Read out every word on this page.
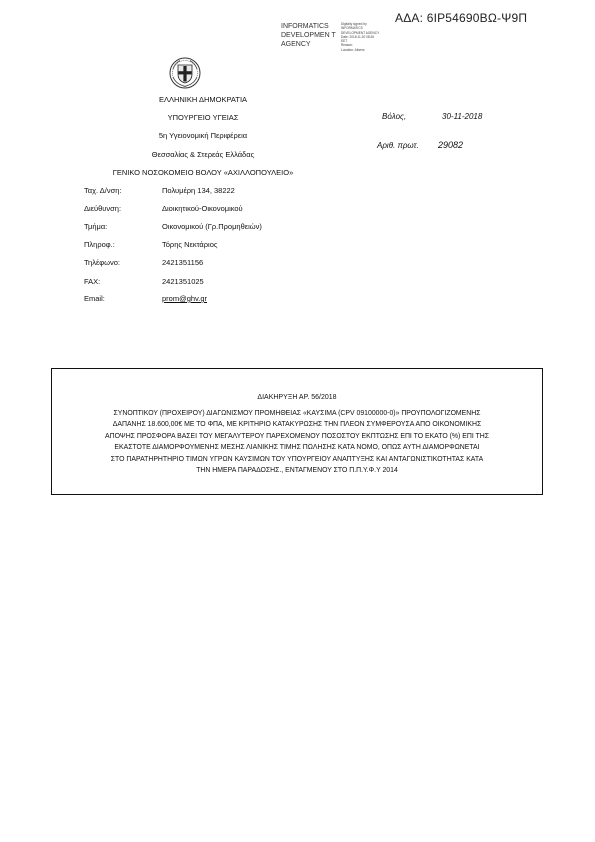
ΑΔΑ: 6ΙΡ54690ΒΩ-Ψ9Π
INFORMATICS DEVELOPMEN T AGENCY
Digitally signed by
INFORMATICS
DEVELOPMENT AGENCY
Date: 2018.11.30 08:26
EET
Reason:
Location: Athens
ΕΛΛΗΝΙΚΗ ΔΗΜΟΚΡΑΤΙΑ
ΥΠΟΥΡΓΕΙΟ ΥΓΕΙΑΣ
5η Υγειονομική Περιφέρεια
Θεσσαλίας & Στερεάς Ελλάδας
ΓΕΝΙΚΟ ΝΟΣΟΚΟΜΕΙΟ ΒΟΛΟΥ «ΑΧΙΛΛΟΠΟΥΛΕΙΟ»
Βόλος,	30-11-2018
Αριθ. πρωτ. 29082
Ταχ. Δ/νση:	Πολυμέρη 134, 38222
Διεύθυνση:	Διοικητικού-Οικονομικού
Τμήμα:	Οικονομικού (Γρ.Προμηθειών)
Πληροφ.:	Τόρης Νεκτάριος
Τηλέφωνο:	2421351156
FAX:	2421351025
Email:	prom@ghv.gr
ΔΙΑΚΗΡΥΞΗ ΑΡ. 56/2018
ΣΥΝΟΠΤΙΚΟΥ (ΠΡΟΧΕΙΡΟΥ) ΔΙΑΓΩΝΙΣΜΟΥ ΠΡΟΜΗΘΕΙΑΣ «ΚΑΥΣΙΜΑ (CPV 09100000-0)» ΠΡΟΥΠΟΛΟΓΙΖΟΜΕΝΗΣ
ΔΑΠΑΝΗΣ 18.600,00€ ΜΕ ΤΟ ΦΠΑ, ΜΕ ΚΡΙΤΗΡΙΟ ΚΑΤΑΚΥΡΩΣΗΣ ΤΗΝ ΠΛΕΟΝ ΣΥΜΦΕΡΟΥΣΑ ΑΠΟ ΟΙΚΟΝΟΜΙΚΗΣ
ΑΠΟΨΗΣ ΠΡΟΣΦΟΡΑ ΒΑΣΕΙ ΤΟΥ ΜΕΓΑΛΥΤΕΡΟΥ ΠΑΡΕΧΟΜΕΝΟΥ ΠΟΣΟΣΤΟΥ ΕΚΠΤΩΣΗΣ ΕΠΙ ΤΟ ΕΚΑΤΟ (%) ΕΠΙ ΤΗΣ
ΕΚΑΣΤΟΤΕ ΔΙΑΜΟΡΦΟΥΜΕΝΗΣ ΜΕΣΗΣ ΛΙΑΝΙΚΗΣ ΤΙΜΗΣ ΠΩΛΗΣΗΣ ΚΑΤΑ ΝΟΜΟ, ΟΠΩΣ ΑΥΤΗ ΔΙΑΜΟΡΦΩΝΕΤΑΙ
ΣΤΟ ΠΑΡΑΤΗΡΗΤΗΡΙΟ ΤΙΜΩΝ ΥΓΡΩΝ ΚΑΥΣΙΜΩΝ ΤΟΥ ΥΠΟΥΡΓΕΙΟΥ ΑΝΑΠΤΥΞΗΣ ΚΑΙ ΑΝΤΑΓΩΝΙΣΤΙΚΟΤΗΤΑΣ ΚΑΤΑ
ΤΗΝ ΗΜΕΡΑ ΠΑΡΑΔΟΣΗΣ., ΕΝΤΑΓΜΕΝΟΥ ΣΤΟ Π.Π.Υ.Φ.Υ 2014
